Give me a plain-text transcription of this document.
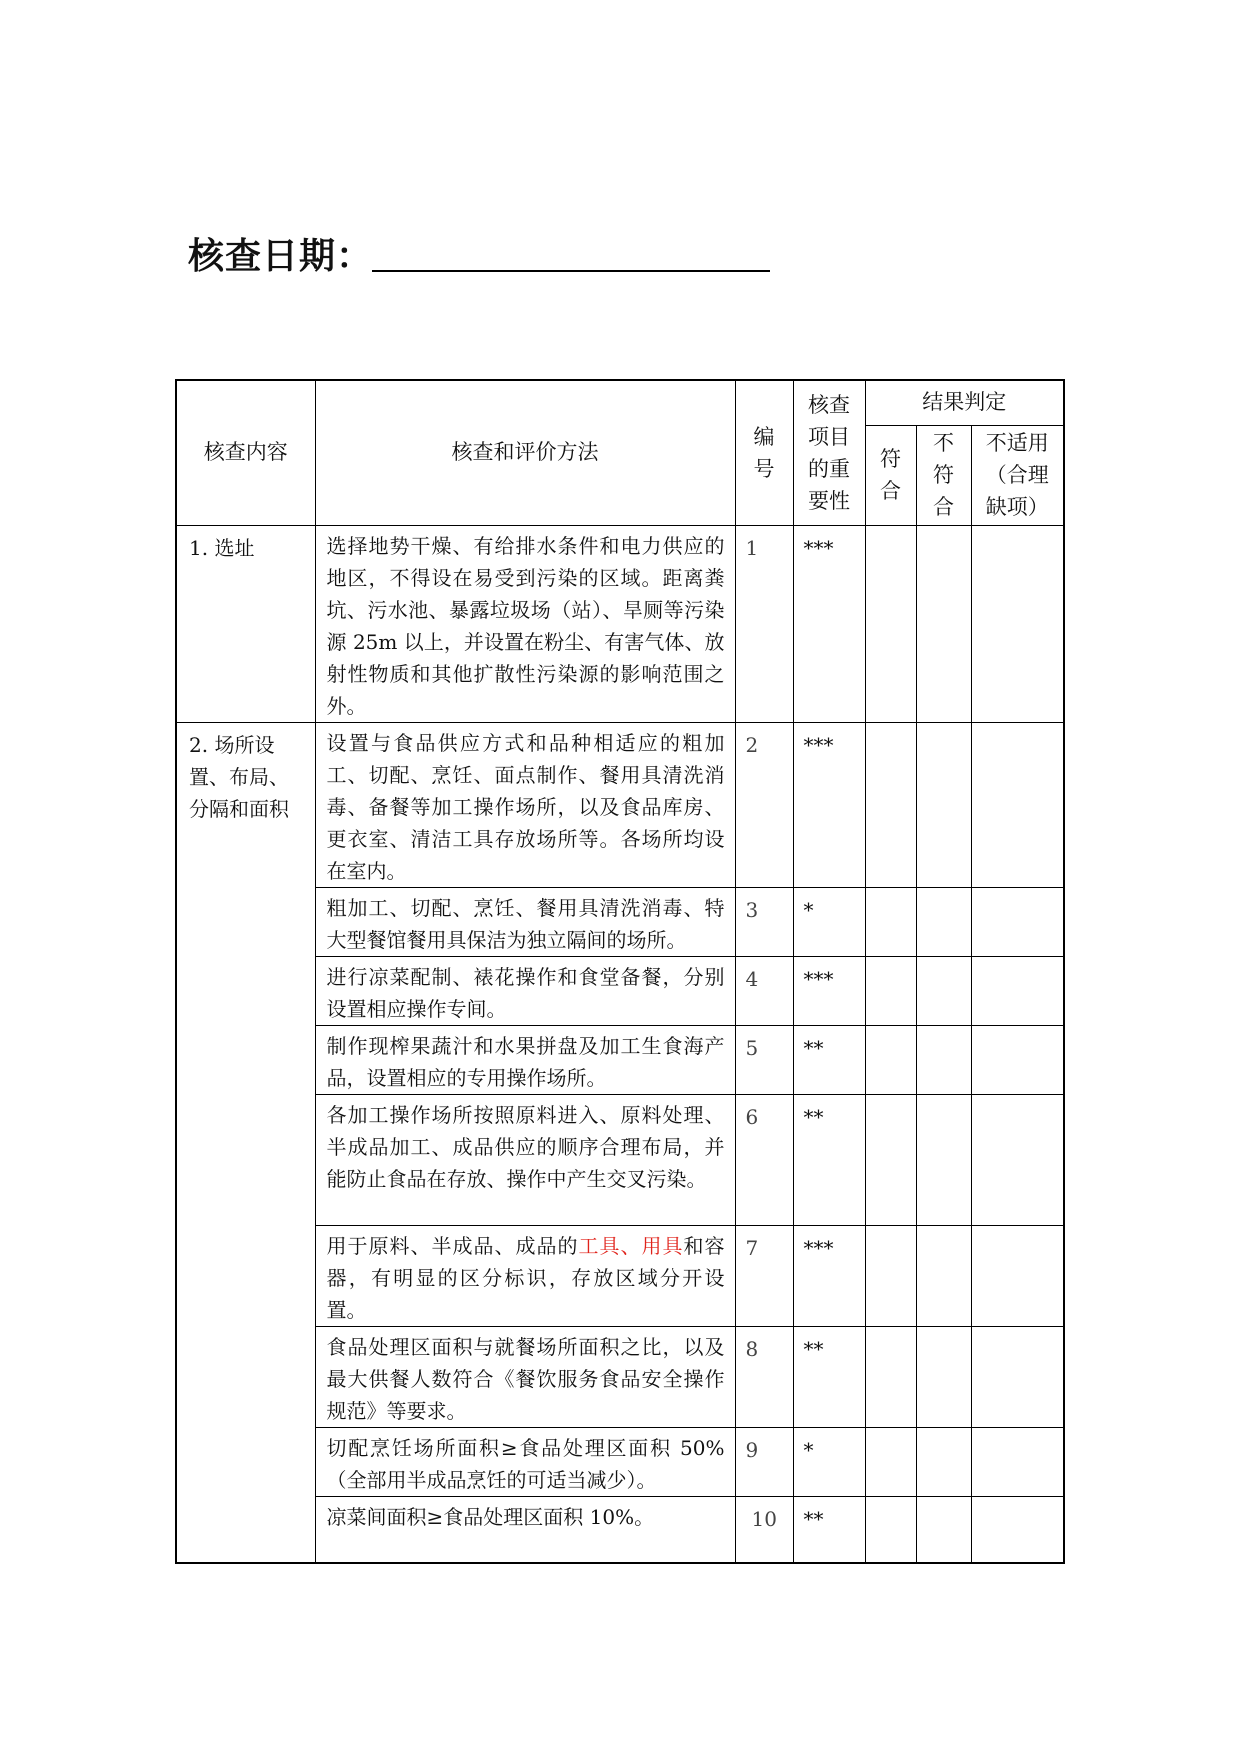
核查日期：
核查内容	核查和评价方法	编号	核查项目的重要性	结果判定		

				符合	不符合	不适用（合理缺项）

1. 选址	选择地势干燥、有给排水条件和电力供应的地区，不得设在易受到污染的区域。距离粪坑、污水池、暴露垃圾场（站）、旱厕等污染源 25m 以上，并设置在粉尘、有害气体、放射性物质和其他扩散性污染源的影响范围之外。	1	***			
2. 场所设置、布局、分隔和面积	设置与食品供应方式和品种相适应的粗加工、切配、烹饪、面点制作、餐用具清洗消毒、备餐等加工操作场所，以及食品库房、更衣室、清洁工具存放场所等。各场所均设在室内。	2	***			
	粗加工、切配、烹饪、餐用具清洗消毒、特大型餐馆餐用具保洁为独立隔间的场所。	3	*			
	进行凉菜配制、裱花操作和食堂备餐，分别设置相应操作专间。	4	***			
	制作现榨果蔬汁和水果拼盘及加工生食海产品，设置相应的专用操作场所。	5	**			
	各加工操作场所按照原料进入、原料处理、半成品加工、成品供应的顺序合理布局，并能防止食品在存放、操作中产生交叉污染。	6	**			
	用于原料、半成品、成品的工具、用具和容器，有明显的区分标识，存放区域分开设置。	7	***			
	食品处理区面积与就餐场所面积之比，以及最大供餐人数符合《餐饮服务食品安全操作规范》等要求。	8	**			
	切配烹饪场所面积≥食品处理区面积 50%（全部用半成品烹饪的可适当减少）。	9	*			
	凉菜间面积≥食品处理区面积 10%。	10	**			
